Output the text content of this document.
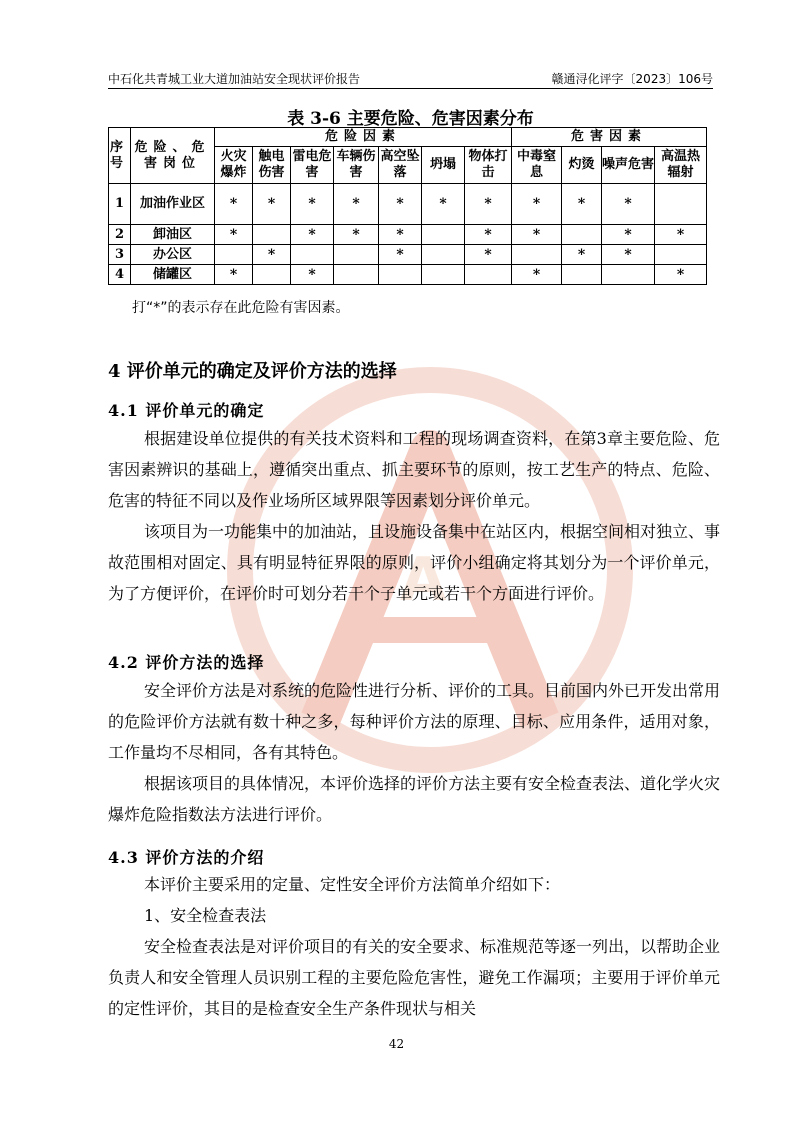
A
中石化共青城工业大道加油站安全现状评价报告	赣通浔化评字〔2023〕106号
表 3-6 主要危险、危害因素分布
序号	危险、危害岗位	危险因素							危害因素			
		火灾爆炸	触电伤害	雷电危害	车辆伤害	高空坠落	坍塌	物体打击	中毒窒息	灼烫	噪声危害	高温热辐射
1	加油作业区	*	*	*	*	*	*	*	*	*	*	
2	卸油区	*		*	*	*		*	*		*	*
3	办公区		*			*		*		*	*	
4	储罐区	*		*					*			*
打“*”的表示存在此危险有害因素。
4 评价单元的确定及评价方法的选择
4.1 评价单元的确定

根据建设单位提供的有关技术资料和工程的现场调查资料，在第3章主要危险、危害因素辨识的基础上，遵循突出重点、抓主要环节的原则，按工艺生产的特点、危险、危害的特征不同以及作业场所区域界限等因素划分评价单元。

该项目为一功能集中的加油站，且设施设备集中在站区内，根据空间相对独立、事故范围相对固定、具有明显特征界限的原则，评价小组确定将其划分为一个评价单元，为了方便评价，在评价时可划分若干个子单元或若干个方面进行评价。

4.2 评价方法的选择

安全评价方法是对系统的危险性进行分析、评价的工具。目前国内外已开发出常用的危险评价方法就有数十种之多，每种评价方法的原理、目标、应用条件，适用对象，工作量均不尽相同，各有其特色。

根据该项目的具体情况，本评价选择的评价方法主要有安全检查表法、道化学火灾爆炸危险指数法方法进行评价。

4.3 评价方法的介绍

本评价主要采用的定量、定性安全评价方法简单介绍如下：

1、安全检查表法

安全检查表法是对评价项目的有关的安全要求、标准规范等逐一列出，以帮助企业负责人和安全管理人员识别工程的主要危险危害性，避免工作漏项；主要用于评价单元的定性评价，其目的是检查安全生产条件现状与相关

42
